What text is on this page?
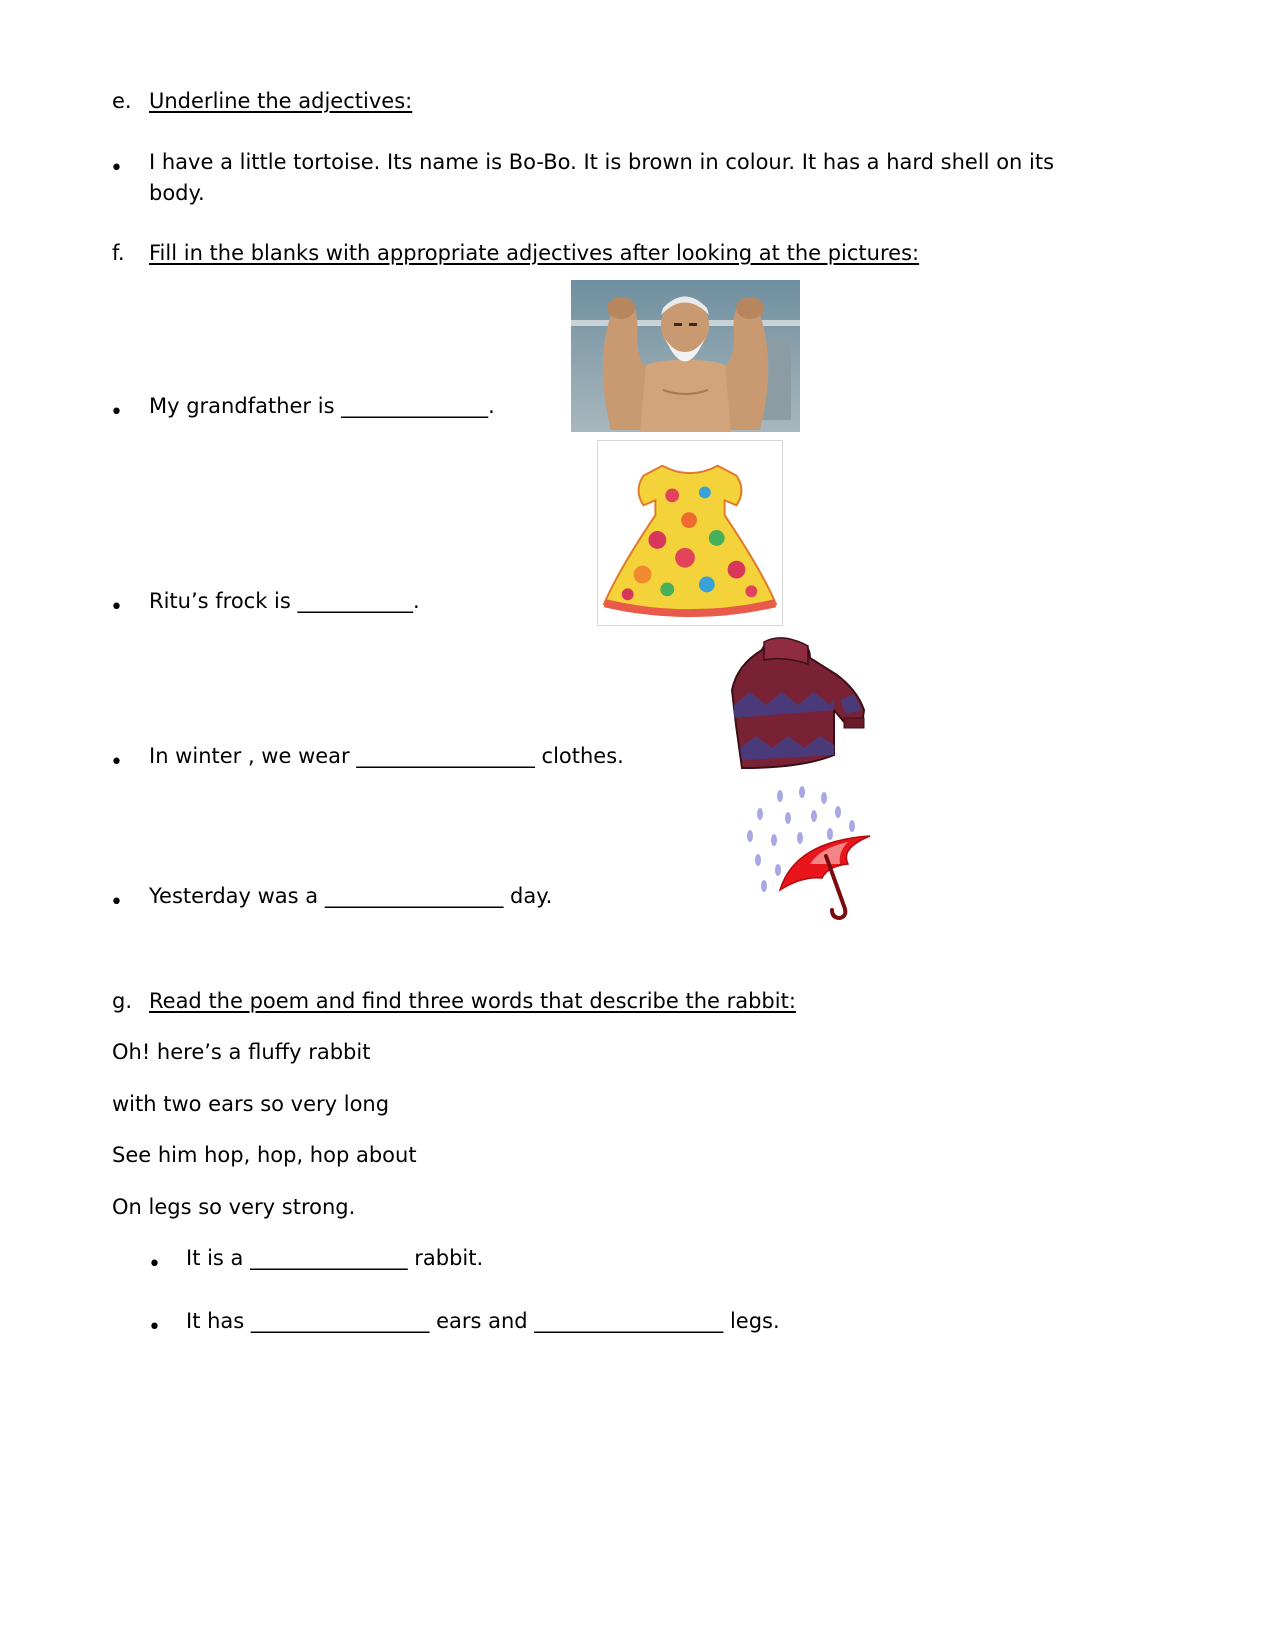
e. Underline the adjectives:
• I have a little tortoise. Its name is Bo-Bo. It is brown in colour. It has a hard shell on its
body.
f. Fill in the blanks with appropriate adjectives after looking at the pictures:
• My grandfather is ______________.
• Ritu’s frock is ___________.
• In winter , we wear _________________ clothes.
• Yesterday was a _________________ day.
g. Read the poem and find three words that describe the rabbit:
Oh! here’s a fluffy rabbit
with two ears so very long
See him hop, hop, hop about
On legs so very strong.
• It is a _______________ rabbit.
• It has _________________ ears and __________________ legs.
